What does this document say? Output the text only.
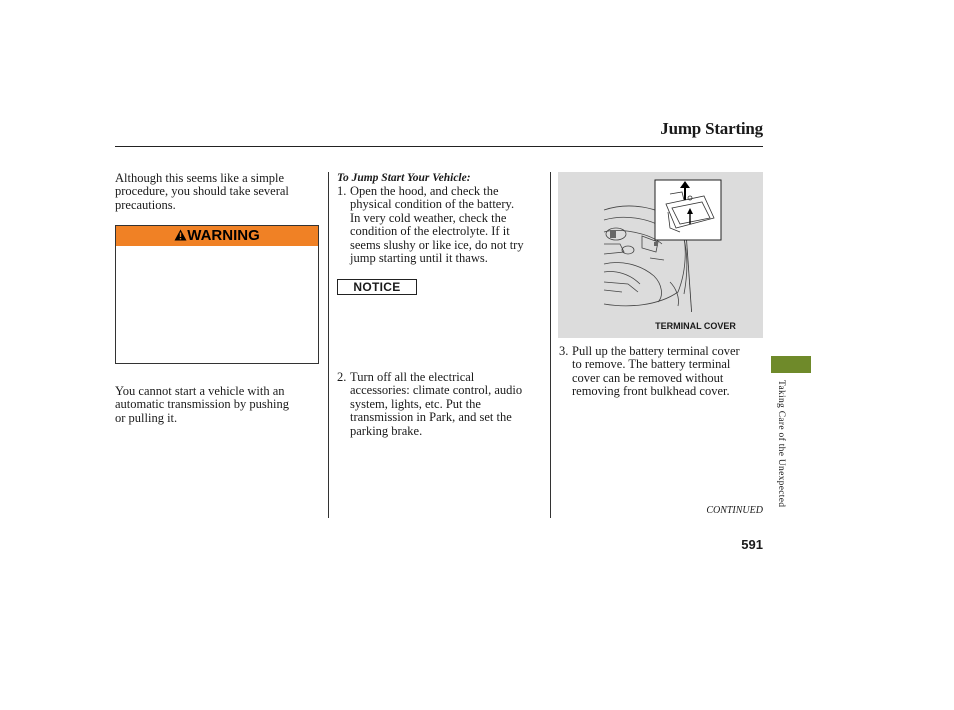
Jump Starting
Although this seems like a simple
procedure, you should take several
precautions.
WARNING
You cannot start a vehicle with an
automatic transmission by pushing
or pulling it.
To Jump Start Your Vehicle:
1. Open the hood, and check the
physical condition of the battery.
In very cold weather, check the
condition of the electrolyte. If it
seems slushy or like ice, do not try
jump starting until it thaws.
NOTICE
2. Turn off all the electrical
accessories: climate control, audio
system, lights, etc. Put the
transmission in Park, and set the
parking brake.
TERMINAL COVER
3. Pull up the battery terminal cover
to remove. The battery terminal
cover can be removed without
removing front bulkhead cover.	Taking Care of the Unexpected
CONTINUED
591
